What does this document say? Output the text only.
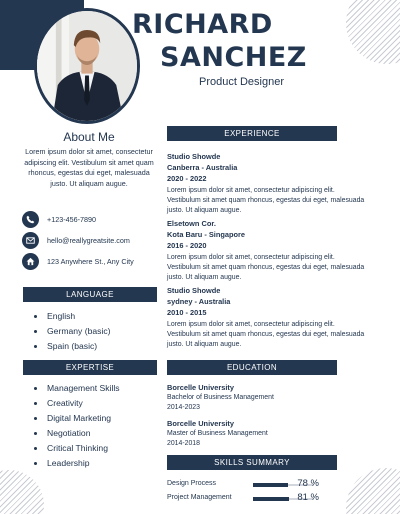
RICHARD
SANCHEZ
Product Designer
About Me
Lorem ipsum dolor sit amet, consectetur adipiscing elit. Vestibulum sit amet quam rhoncus, egestas dui eget, malesuada justo. Ut aliquam augue.
+123-456-7890
hello@reallygreatsite.com
123 Anywhere St., Any City
LANGUAGE
English
Germany (basic)
Spain (basic)
EXPERTISE
Management Skills
Creativity
Digital Marketing
Negotiation
Critical Thinking
Leadership
EXPERIENCE
Studio Showde
Canberra - Australia
2020 - 2022
Lorem ipsum dolor sit amet, consectetur adipiscing elit. Vestibulum sit amet quam rhoncus, egestas dui eget, malesuada justo. Ut aliquam augue.
Elsetown Cor.
Kota Baru - Singapore
2016 - 2020
Lorem ipsum dolor sit amet, consectetur adipiscing elit. Vestibulum sit amet quam rhoncus, egestas dui eget, malesuada justo. Ut aliquam augue.
Studio Showde
sydney - Australia
2010 - 2015
Lorem ipsum dolor sit amet, consectetur adipiscing elit. Vestibulum sit amet quam rhoncus, egestas dui eget, malesuada justo. Ut aliquam augue.
EDUCATION
Borcelle University
Bachelor of Business Management
2014-2023
Borcelle University
Master of Business Management
2014-2018
SKILLS SUMMARY
Design Process	78 %
Project Management	81 %
